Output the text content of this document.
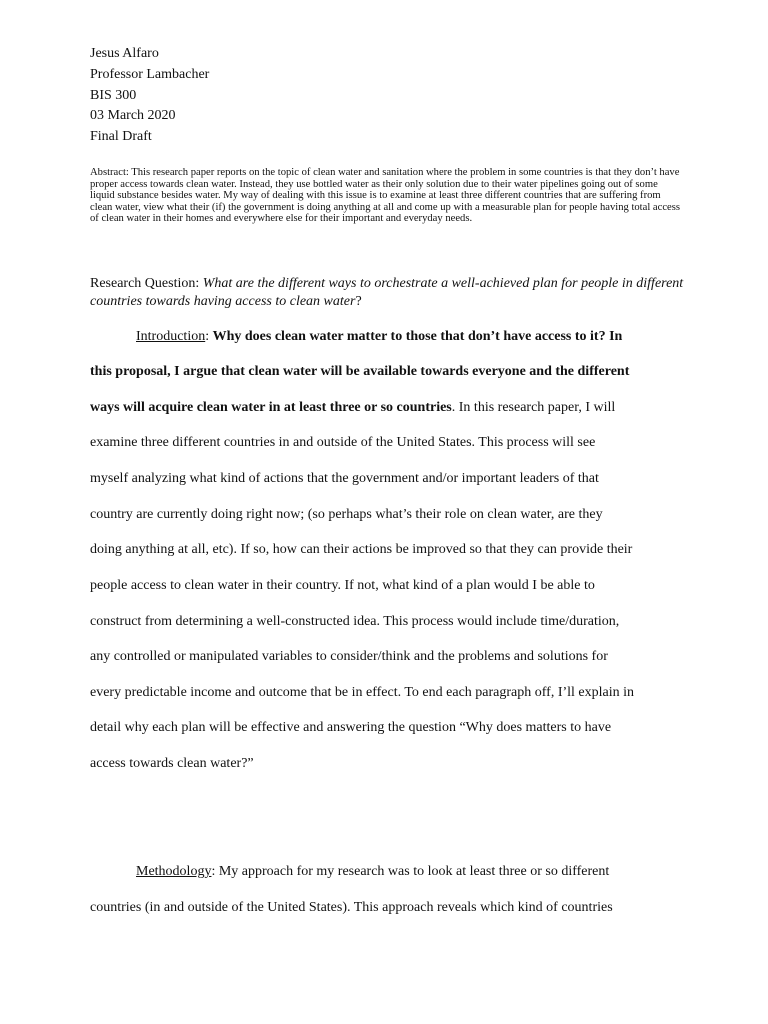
Jesus Alfaro
Professor Lambacher
BIS 300
03 March 2020
Final Draft
Abstract: This research paper reports on the topic of clean water and sanitation where the problem in some countries is that they don’t have proper access towards clean water. Instead, they use bottled water as their only solution due to their water pipelines going out of some liquid substance besides water. My way of dealing with this issue is to examine at least three different countries that are suffering from clean water, view what their (if) the government is doing anything at all and come up with a measurable plan for people having total access of clean water in their homes and everywhere else for their important and everyday needs.
Research Question: What are the different ways to orchestrate a well-achieved plan for people in different countries towards having access to clean water?
Introduction: Why does clean water matter to those that don’t have access to it? In
this proposal, I argue that clean water will be available towards everyone and the different
ways will acquire clean water in at least three or so countries. In this research paper, I will
examine three different countries in and outside of the United States. This process will see
myself analyzing what kind of actions that the government and/or important leaders of that
country are currently doing right now; (so perhaps what’s their role on clean water, are they
doing anything at all, etc). If so, how can their actions be improved so that they can provide their
people access to clean water in their country. If not, what kind of a plan would I be able to
construct from determining a well-constructed idea. This process would include time/duration,
any controlled or manipulated variables to consider/think and the problems and solutions for
every predictable income and outcome that be in effect. To end each paragraph off, I’ll explain in
detail why each plan will be effective and answering the question “Why does matters to have
access towards clean water?”
Methodology: My approach for my research was to look at least three or so different
countries (in and outside of the United States). This approach reveals which kind of countries
